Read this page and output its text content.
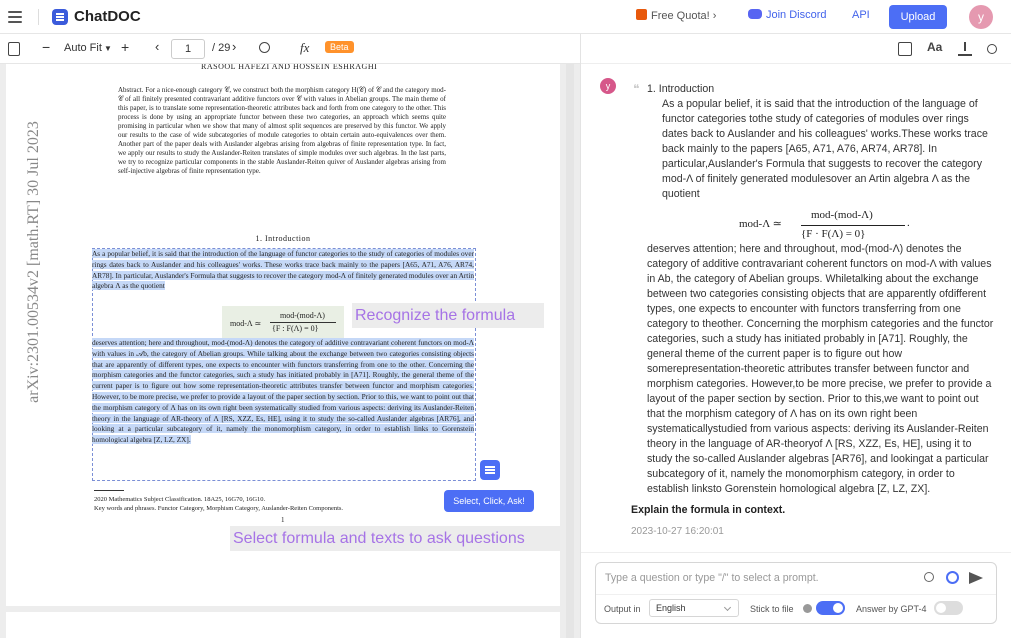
ChatDOC	Free Quota! ›	Join Discord API	Upload	y
− Auto Fit ▼ + ‹	1	/ 29 ›	fx	Beta
arXiv:2301.00534v2 [math.RT] 30 Jul 2023
RASOOL HAFEZI AND HOSSEIN ESHRAGHI
Abstract. For a nice-enough category 𝒞, we construct both the morphism category H(𝒞) of 𝒞 and the category mod-𝒞 of all finitely presented contravariant additive functors over 𝒞 with values in Abelian groups. The main theme of this paper, is to translate some representation-theoretic attributes back and forth from one category to the other. This process is done by using an appropriate functor between these two categories, an approach which seems quite promising in particular when we show that many of almost split sequences are preserved by this functor. We apply our results to the case of wide subcategories of module categories to obtain certain auto-equivalences over them. Another part of the paper deals with Auslander algebras arising from algebras of finite representation type. In fact, we apply our results to study the Auslander-Reiten translates of simple modules over such algebras. In the last parts, we try to recognize particular components in the stable Auslander-Reiten quiver of Auslander algebras arising from self-injective algebras of finite representation type.
1. Introduction
As a popular belief, it is said that the introduction of the language of functor categories to the study of categories of modules over rings dates back to Auslander and his colleagues' works. These works trace back mainly to the papers [A65, A71, A76, AR74, AR78]. In particular, Auslander's Formula that suggests to recover the category mod-Λ of finitely generated modules over an Artin algebra Λ as the quotient
mod-Λ ≃
mod-(mod-Λ)
{F : F(Λ) = 0}
Recognize the formula
deserves attention; here and throughout, mod-(mod-Λ) denotes the category of additive contravariant coherent functors on mod-Λ with values in 𝒜b, the category of Abelian groups. While talking about the exchange between two categories consisting objects that are apparently of different types, one expects to encounter with functors transferring from one to the other. Concerning the morphism categories and the functor categories, such a study has initiated probably in [A71]. Roughly, the general theme of the current paper is to figure out how some representation-theoretic attributes transfer between functor and morphism categories. However, to be more precise, we prefer to provide a layout of the paper section by section. Prior to this, we want to point out that the morphism category of Λ has on its own right been systematically studied from various aspects: deriving its Auslander-Reiten theory in the language of AR-theory of Λ [RS, XZZ, Es, HE], using it to study the so-called Auslander algebras [AR76], and looking at a particular subcategory of it, namely the monomorphism category, in order to establish links to Gorenstein homological algebra [Z, LZ, ZX].
Select, Click, Ask!
2020 Mathematics Subject Classification. 18A25, 16G70, 16G10.
Key words and phrases. Functor Category, Morphism Category, Auslander-Reiten Components.
1
Select formula and texts to ask questions
Aa
y	❝ 1. Introduction
As a popular belief, it is said that the introduction of the language of functor categories tothe study of categories of modules over rings dates back to Auslander and his colleagues' works.These works trace back mainly to the papers [A65, A71, A76, AR74, AR78]. In particular,Auslander's Formula that suggests to recover the category mod-Λ of finitely generated modulesover an Artin algebra Λ as the quotient
mod-Λ ≃
mod-(mod-Λ)
{F · F(Λ) = 0}
.
deserves attention; here and throughout, mod-(mod-Λ) denotes the category of additive contravariant coherent functors on mod-Λ with values in Ab, the category of Abelian groups. Whiletalking about the exchange between two categories consisting objects that are apparently ofdifferent types, one expects to encounter with functors transferring from one category to theother. Concerning the morphism categories and the functor categories, such a study has initiated probably in [A71]. Roughly, the general theme of the current paper is to figure out how somerepresentation-theoretic attributes transfer between functor and morphism categories. However,to be more precise, we prefer to provide a layout of the paper section by section. Prior to this,we want to point out that the morphism category of Λ has on its own right been systematicallystudied from various aspects: deriving its Auslander-Reiten theory in the language of AR-theoryof Λ [RS, XZZ, Es, HE], using it to study the so-called Auslander algebras [AR76], and lookingat a particular subcategory of it, namely the monomorphism category, in order to establish linksto Gorenstein homological algebra [Z, LZ, ZX].
Explain the formula in context.
2023-10-27 16:20:01
Type a question or type "/" to select a prompt.
Output in	English	Stick to file	Answer by GPT-4
